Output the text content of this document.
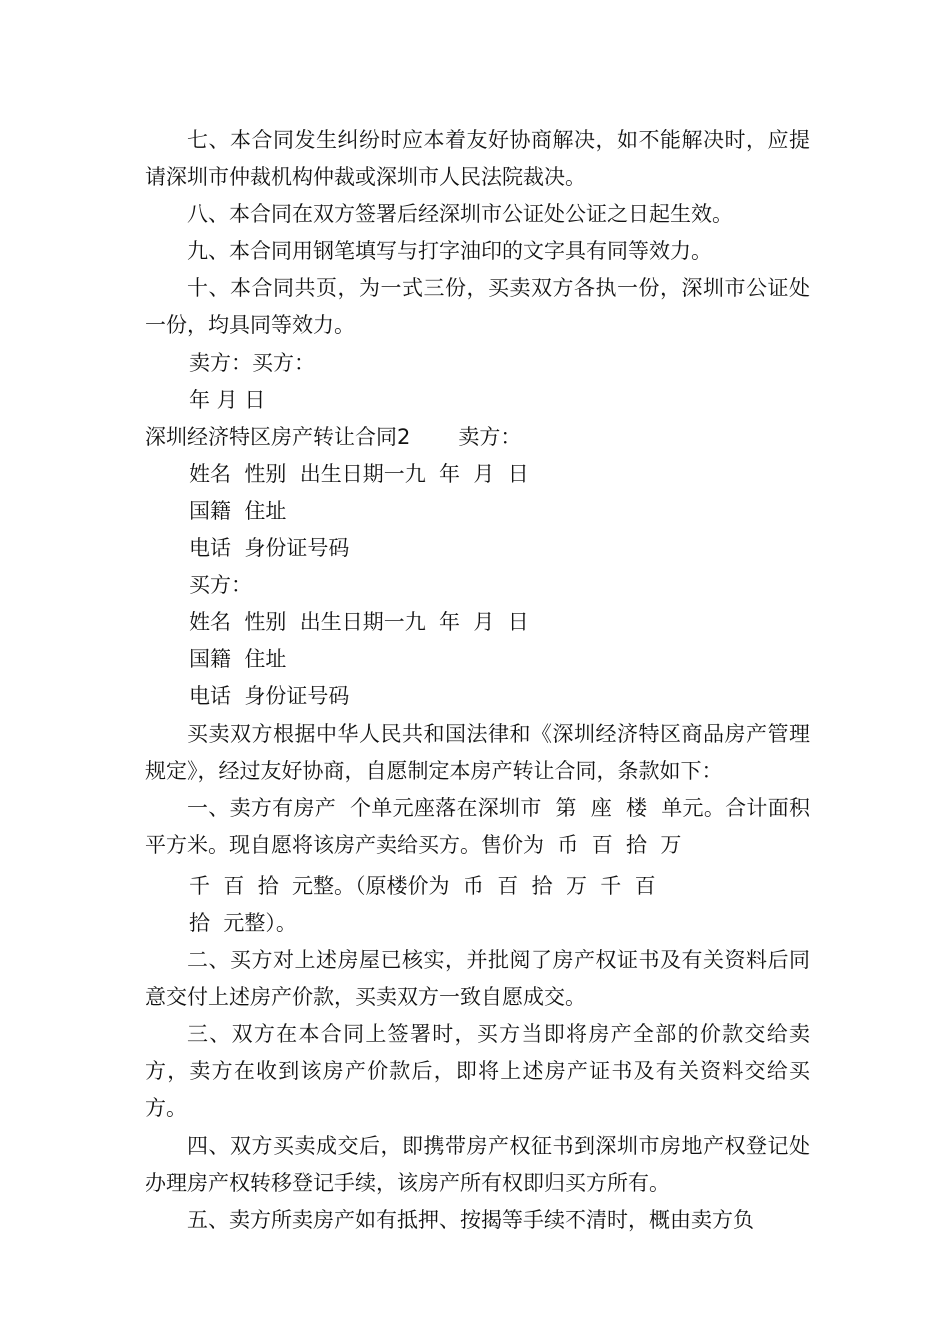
七、本合同发生纠纷时应本着友好协商解决，如不能解决时，应提请深圳市仲裁机构仲裁或深圳市人民法院裁决。

八、本合同在双方签署后经深圳市公证处公证之日起生效。

九、本合同用钢笔填写与打字油印的文字具有同等效力。

十、本合同共页，为一式三份，买卖双方各执一份，深圳市公证处一份，均具同等效力。

卖方：买方：

年 月 日

深圳经济特区房产转让合同2 卖方：

姓名  性别  出生日期一九  年  月  日

国籍  住址

电话  身份证号码

买方：

姓名  性别  出生日期一九  年  月  日

国籍  住址

电话  身份证号码

买卖双方根据中华人民共和国法律和《深圳经济特区商品房产管理规定》，经过友好协商，自愿制定本房产转让合同，条款如下：

一、卖方有房产  个单元座落在深圳市  第  座  楼  单元。合计面积  平方米。现自愿将该房产卖给买方。售价为  币  百  拾  万

千  百  拾  元整。（原楼价为  币  百  拾  万  千  百

拾  元整）。

二、买方对上述房屋已核实，并批阅了房产权证书及有关资料后同意交付上述房产价款，买卖双方一致自愿成交。

三、双方在本合同上签署时，买方当即将房产全部的价款交给卖方，卖方在收到该房产价款后，即将上述房产证书及有关资料交给买方。

四、双方买卖成交后，即携带房产权征书到深圳市房地产权登记处办理房产权转移登记手续，该房产所有权即归买方所有。

五、卖方所卖房产如有抵押、按揭等手续不清时，概由卖方负
